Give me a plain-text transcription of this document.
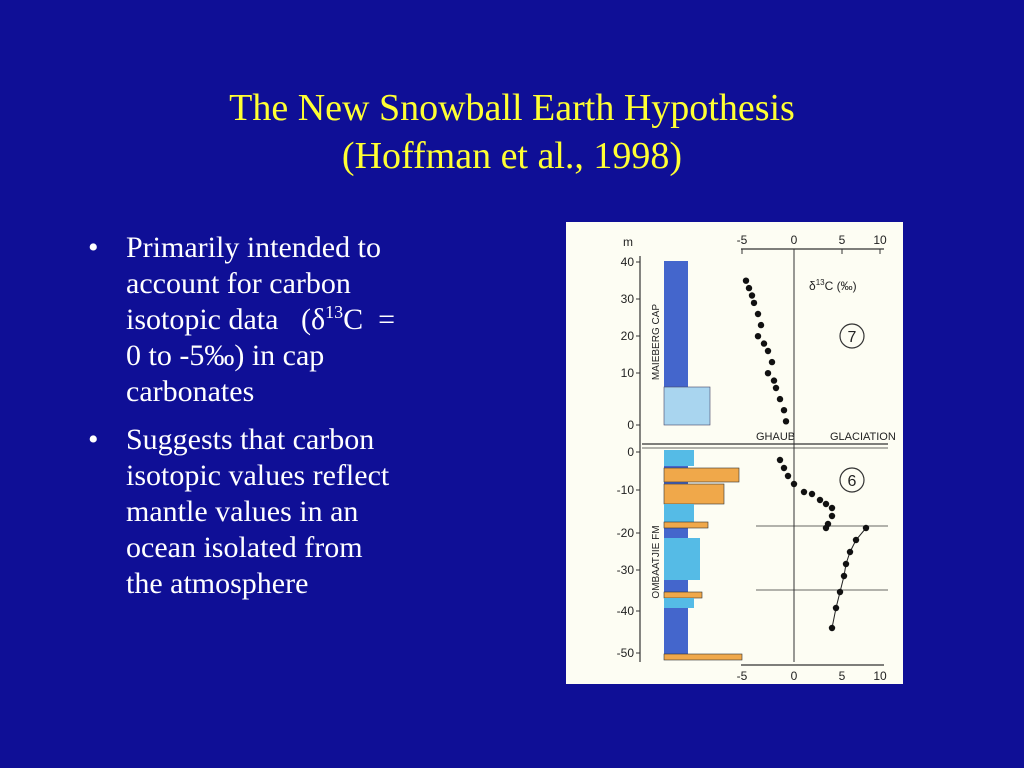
The New Snowball Earth Hypothesis
(Hoffman et al., 1998)
• Primarily intended to
account for carbon
isotopic data   ($\delta^{13}C$  =
0 to -5‰) in cap
carbonates
• Suggests that carbon
isotopic values reflect
mantle values in an
ocean isolated from
the atmosphere
-5	0	5 10
m
40
30
20
10
0
0
-10
-20
-30
-40
-50
MAIEBERG CAP
GHAUB	GLACIATION
OMBAATJIE FM
$\delta^{13}C$ (‰)
7
6
-5	0	5 10
